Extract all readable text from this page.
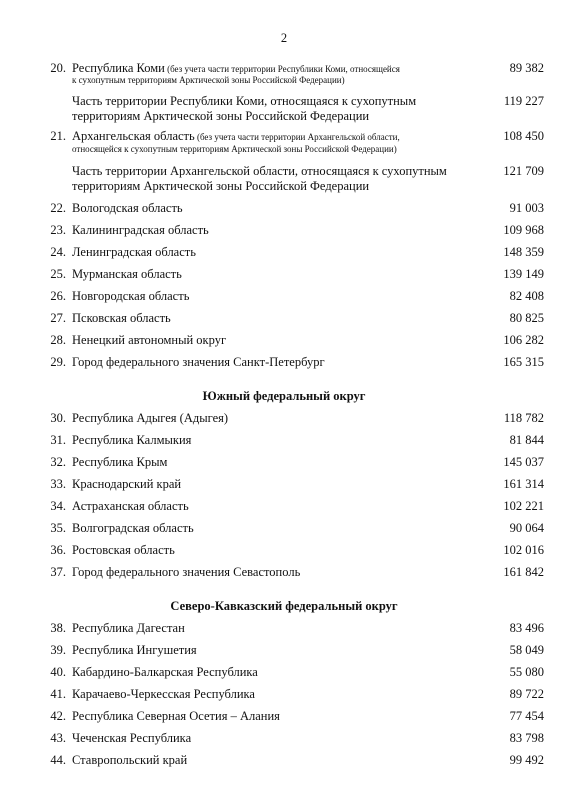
2
20. Республика Коми (без учета части территории Республики Коми, относящейся	89 382
к сухопутным территориям Арктической зоны Российской Федерации)
Часть территории Республики Коми, относящаяся к сухопутным	119 227
территориям Арктической зоны Российской Федерации
21. Архангельская область (без учета части территории Архангельской области,	108 450
относящейся к сухопутным территориям Арктической зоны Российской Федерации)
Часть территории Архангельской области, относящаяся к сухопутным	121 709
территориям Арктической зоны Российской Федерации
22. Вологодская область	91 003
23. Калининградская область	109 968
24. Ленинградская область	148 359
25. Мурманская область	139 149
26. Новгородская область	82 408
27. Псковская область	80 825
28. Ненецкий автономный округ	106 282
29. Город федерального значения Санкт-Петербург	165 315
Южный федеральный округ
30. Республика Адыгея (Адыгея)	118 782
31. Республика Калмыкия	81 844
32. Республика Крым	145 037
33. Краснодарский край	161 314
34. Астраханская область	102 221
35. Волгоградская область	90 064
36. Ростовская область	102 016
37. Город федерального значения Севастополь	161 842
Северо-Кавказский федеральный округ
38. Республика Дагестан	83 496
39. Республика Ингушетия	58 049
40. Кабардино-Балкарская Республика	55 080
41. Карачаево-Черкесская Республика	89 722
42. Республика Северная Осетия – Алания	77 454
43. Чеченская Республика	83 798
44. Ставропольский край	99 492
